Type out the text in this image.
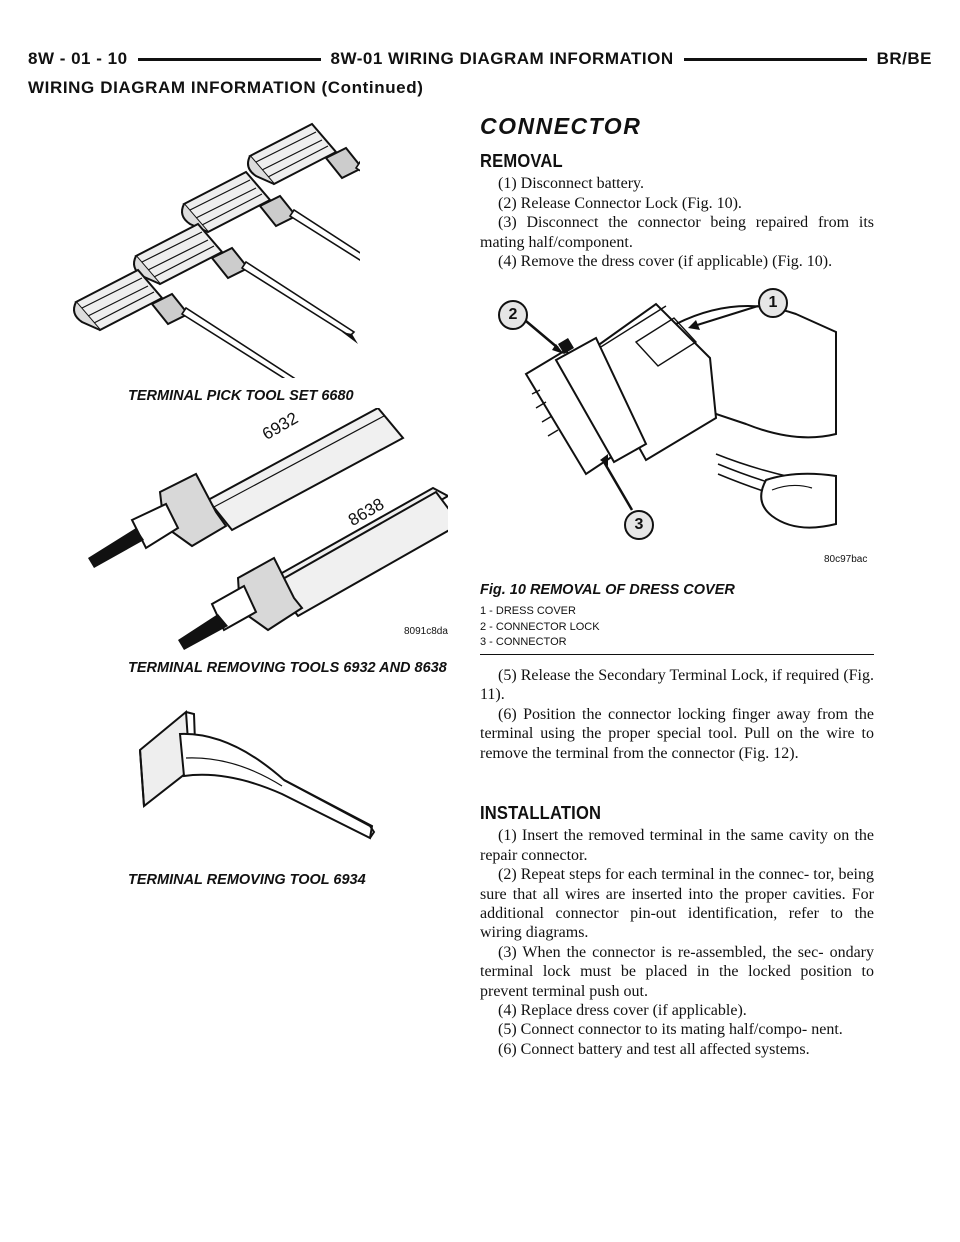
8W - 01 - 10	8W-01 WIRING DIAGRAM INFORMATION	BR/BE
WIRING DIAGRAM INFORMATION (Continued)
TERMINAL PICK TOOL SET 6680
6932
8638
8091c8da
TERMINAL REMOVING TOOLS 6932 AND 8638
TERMINAL REMOVING TOOL 6934
CONNECTOR
REMOVAL

(1) Disconnect battery.

(2) Release Connector Lock (Fig. 10).

(3) Disconnect the connector being repaired from its mating half/component.

(4) Remove the dress cover (if applicable) (Fig. 10).

2
1
3
80c97bac
Fig. 10 REMOVAL OF DRESS COVER
1 - DRESS COVER
2 - CONNECTOR LOCK
3 - CONNECTOR

(5) Release the Secondary Terminal Lock, if required (Fig. 11).

(6) Position the connector locking finger away from the terminal using the proper special tool. Pull on the wire to remove the terminal from the connector (Fig. 12).

INSTALLATION

(1) Insert the removed terminal in the same cavity on the repair connector.

(2) Repeat steps for each terminal in the connec- tor, being sure that all wires are inserted into the proper cavities. For additional connector pin-out identification, refer to the wiring diagrams.

(3) When the connector is re-assembled, the sec- ondary terminal lock must be placed in the locked position to prevent terminal push out.

(4) Replace dress cover (if applicable).

(5) Connect connector to its mating half/compo- nent.

(6) Connect battery and test all affected systems.
